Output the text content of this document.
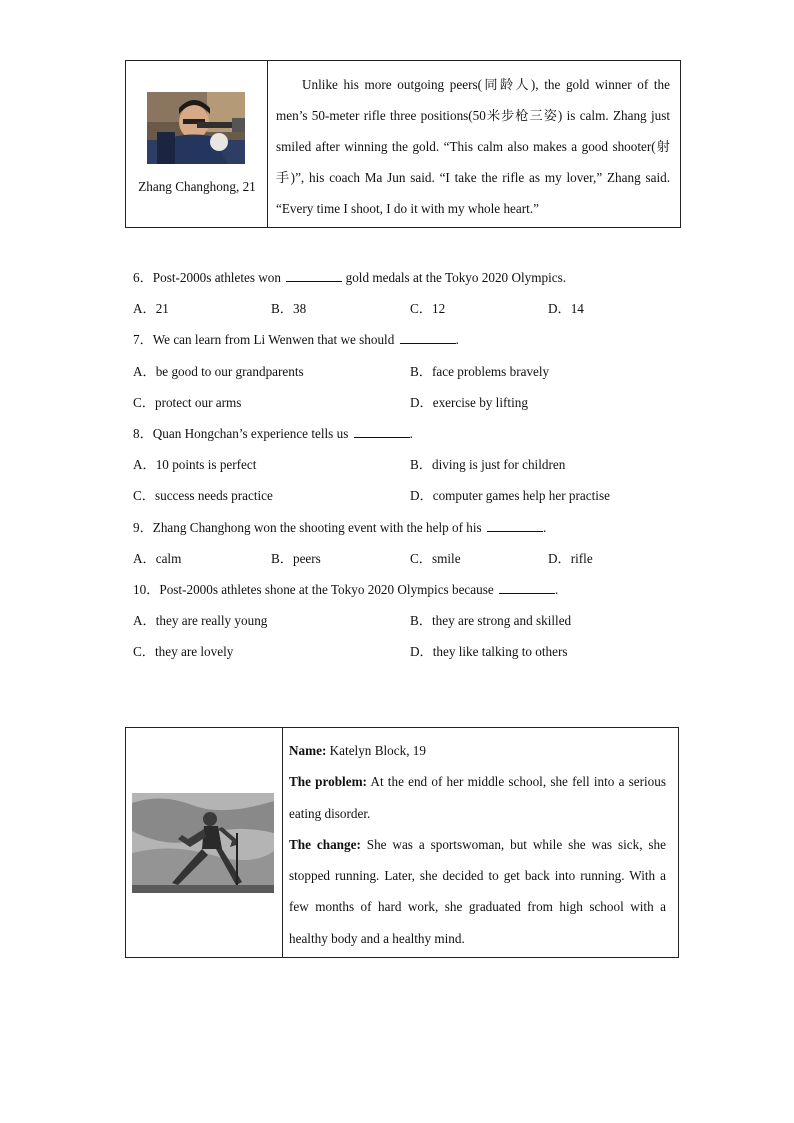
Zhang Changhong, 21

Unlike his more outgoing peers(同龄人), the gold winner of the men’s 50-meter rifle three positions(50米步枪三姿) is calm. Zhang just smiled after winning the gold. “This calm also makes a good shooter(射手)”, his coach Ma Jun said. “I take the rifle as my lover,” Zhang said. “Every time I shoot, I do it with my whole heart.”

6．Post-2000s athletes won	gold medals at the Tokyo 2020 Olympics.
A．21	B．38	C．12	D．14
7．We can learn from Li Wenwen that we should	.
A．be good to our grandparents	B．face problems bravely
C．protect our arms	D．exercise by lifting
8．Quan Hongchan’s experience tells us	.
A．10 points is perfect	B．diving is just for children
C．success needs practice	D．computer games help her practise
9．Zhang Changhong won the shooting event with the help of his	.
A．calm	B．peers	C．smile	D．rifle
10．Post-2000s athletes shone at the Tokyo 2020 Olympics because	.
A．they are really young	B．they are strong and skilled
C．they are lovely	D．they like talking to others

Name: Katelyn Block, 19

The problem: At the end of her middle school, she fell into a serious eating disorder.

The change: She was a sportswoman, but while she was sick, she stopped running. Later, she decided to get back into running. With a few months of hard work, she graduated from high school with a healthy body and a healthy mind.
